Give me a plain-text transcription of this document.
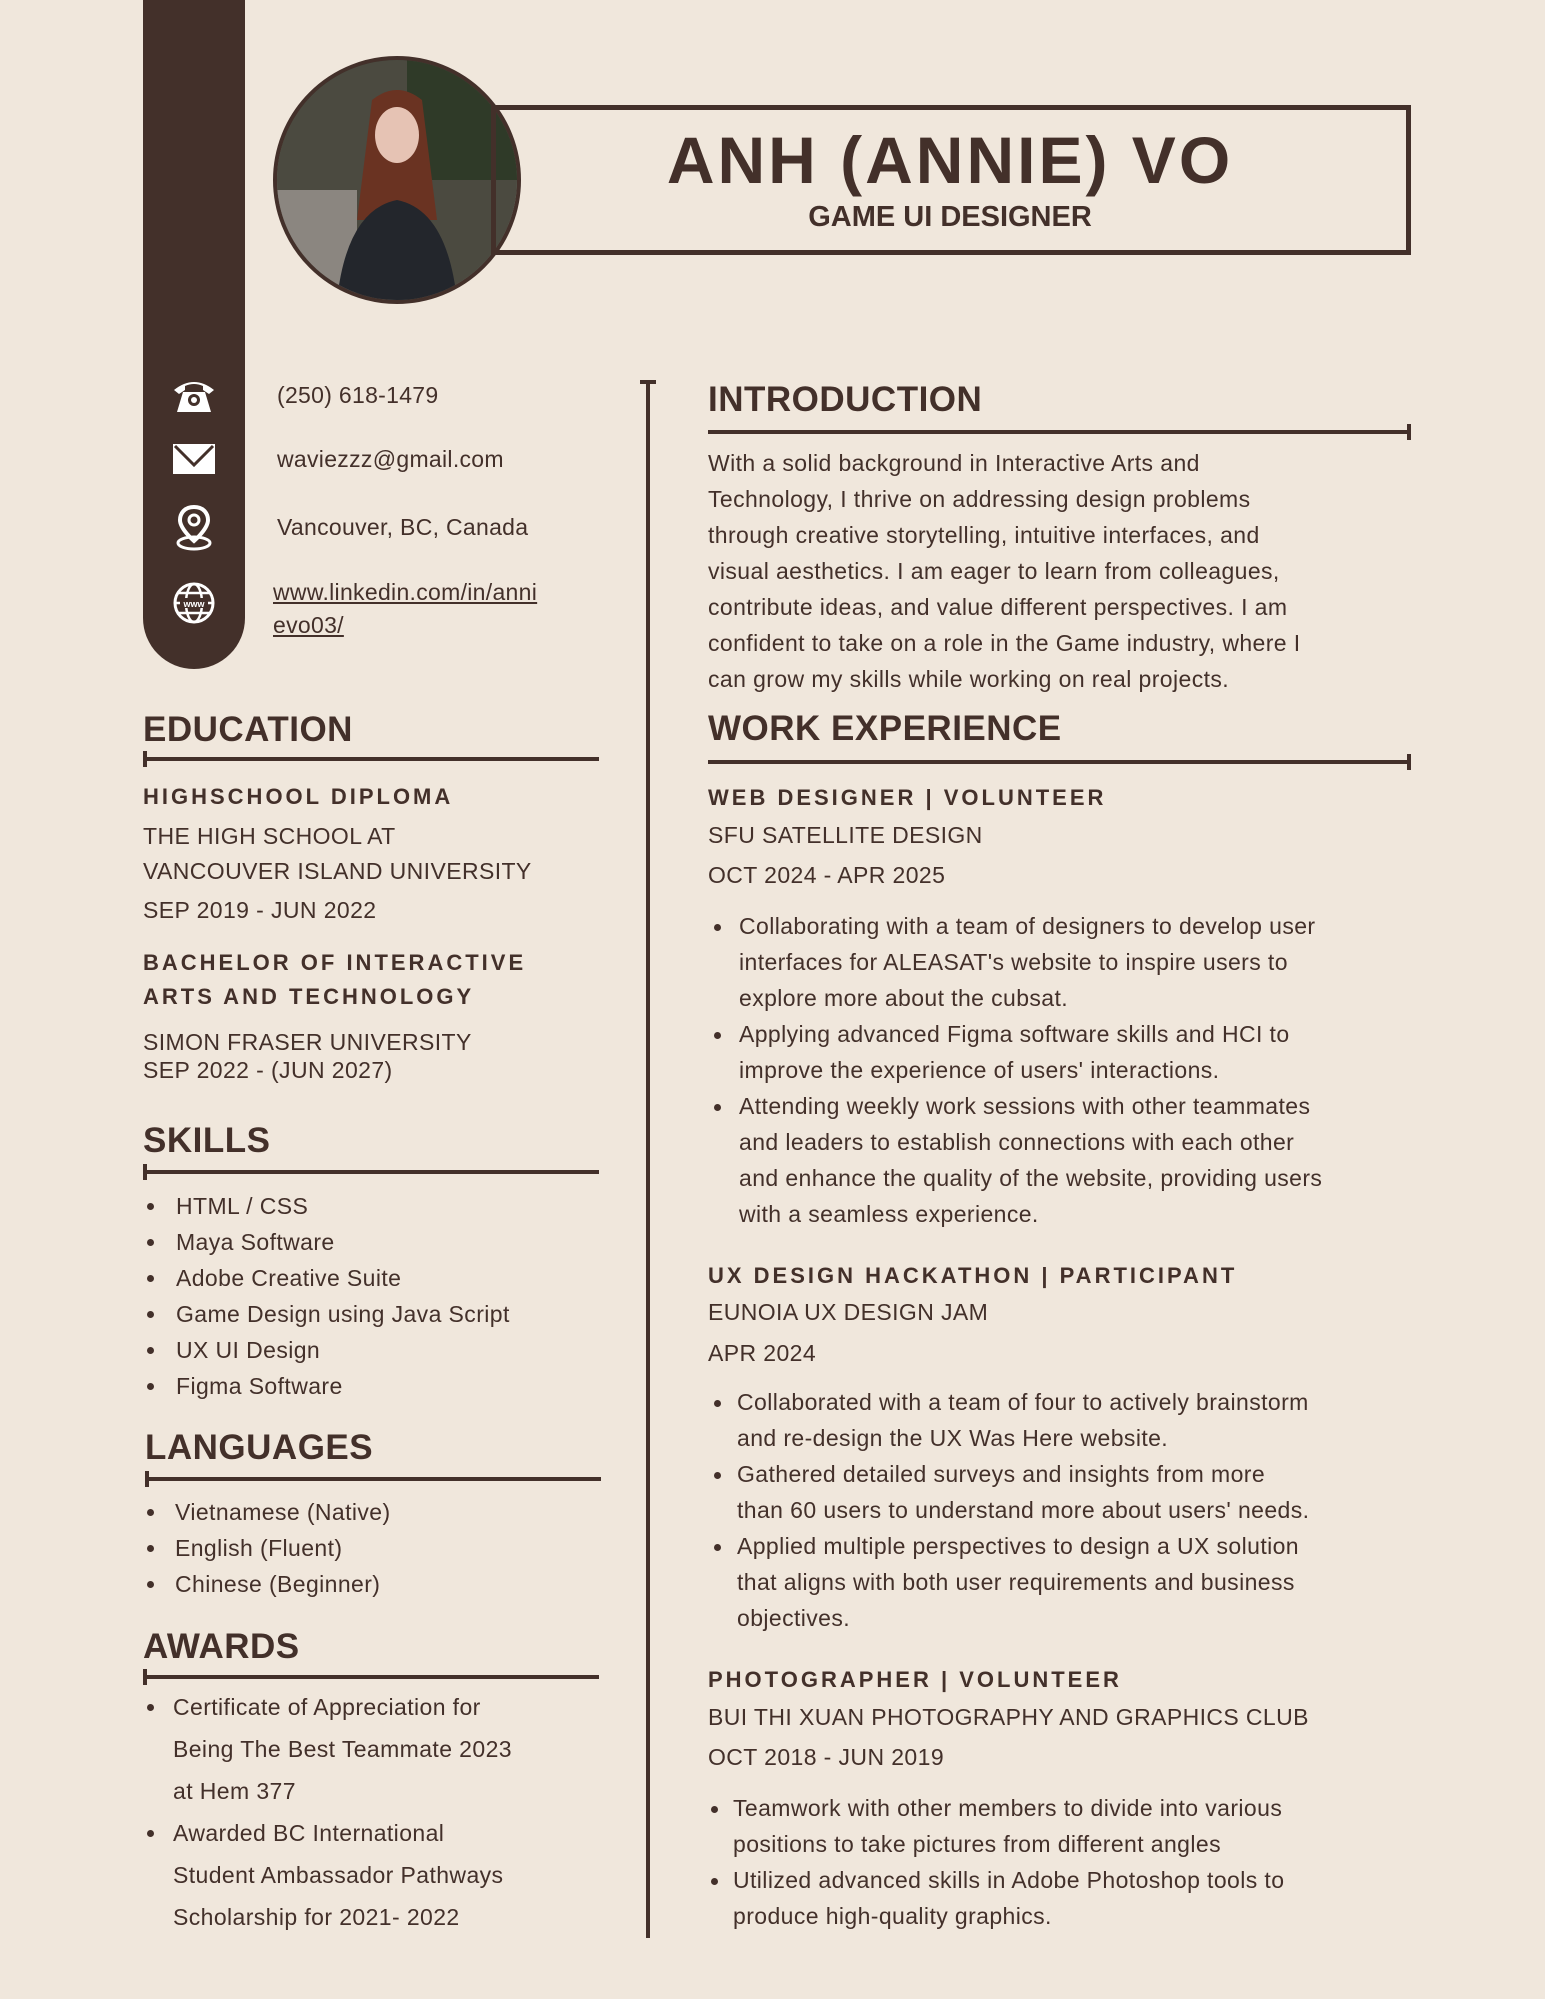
ANH (ANNIE) VO
GAME UI DESIGNER
(250) 618-1479
waviezzz@gmail.com
Vancouver, BC, Canada
www	www.linkedin.com/in/anni
evo03/
EDUCATION
HIGHSCHOOL DIPLOMA
THE HIGH SCHOOL AT
VANCOUVER ISLAND UNIVERSITY
SEP 2019 - JUN 2022
BACHELOR OF INTERACTIVE
ARTS AND TECHNOLOGY
SIMON FRASER UNIVERSITY
SEP 2022 - (JUN 2027)
SKILLS
HTML / CSS
Maya Software
Adobe Creative Suite
Game Design using Java Script
UX UI Design
Figma Software
LANGUAGES
Vietnamese (Native)
English (Fluent)
Chinese (Beginner)
AWARDS
Certificate of Appreciation for
Being The Best Teammate 2023
at Hem 377
Awarded BC International
Student Ambassador Pathways
Scholarship for 2021- 2022
INTRODUCTION
With a solid background in Interactive Arts and
Technology, I thrive on addressing design problems
through creative storytelling, intuitive interfaces, and
visual aesthetics. I am eager to learn from colleagues,
contribute ideas, and value different perspectives. I am
confident to take on a role in the Game industry, where I
can grow my skills while working on real projects.
WORK EXPERIENCE
WEB DESIGNER | VOLUNTEER
SFU SATELLITE DESIGN
OCT 2024 - APR 2025
Collaborating with a team of designers to develop user
interfaces for ALEASAT's website to inspire users to
explore more about the cubsat.
Applying advanced Figma software skills and HCI to
improve the experience of users' interactions.
Attending weekly work sessions with other teammates
and leaders to establish connections with each other
and enhance the quality of the website, providing users
with a seamless experience.
UX DESIGN HACKATHON | PARTICIPANT
EUNOIA UX DESIGN JAM
APR 2024
Collaborated with a team of four to actively brainstorm
and re-design the UX Was Here website.
Gathered detailed surveys and insights from more
than 60 users to understand more about users' needs.
Applied multiple perspectives to design a UX solution
that aligns with both user requirements and business
objectives.
PHOTOGRAPHER | VOLUNTEER
BUI THI XUAN PHOTOGRAPHY AND GRAPHICS CLUB
OCT 2018 - JUN 2019
Teamwork with other members to divide into various
positions to take pictures from different angles
Utilized advanced skills in Adobe Photoshop tools to
produce high-quality graphics.
